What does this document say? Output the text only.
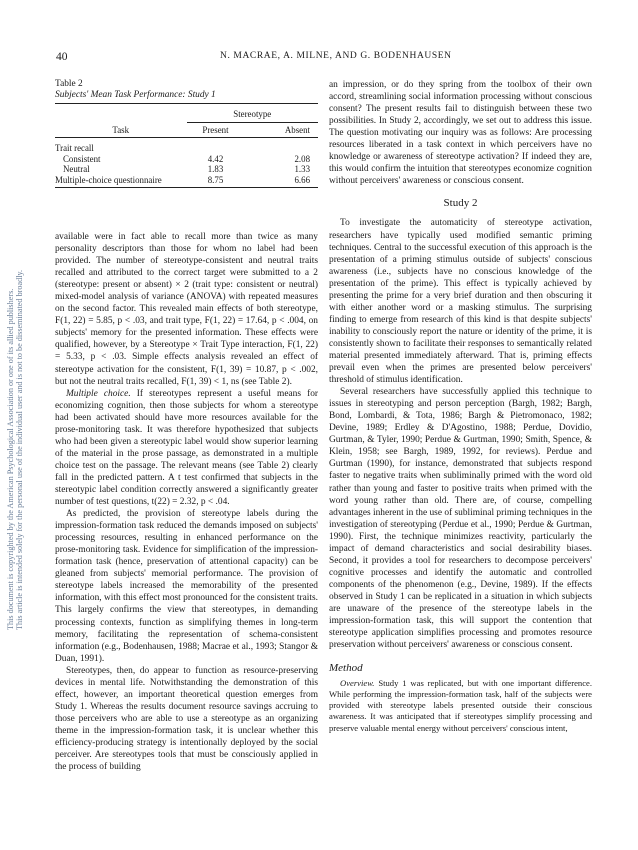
40	N. MACRAE, A. MILNE, AND G. BODENHAUSEN
This document is copyrighted by the American Psychological Association or one of its allied publishers. This article is intended solely for the personal use of the individual user and is not to be disseminated broadly.
Table 2
Subjects' Mean Task Performance: Study 1
	Stereotype	

Task	Present	Absent
Trait recall		
Consistent	4.42	2.08
Neutral	1.83	1.33
Multiple-choice questionnaire	8.75	6.66

available were in fact able to recall more than twice as many personality descriptors than those for whom no label had been provided. The number of stereotype-consistent and neutral traits recalled and attributed to the correct target were submitted to a 2 (stereotype: present or absent) × 2 (trait type: consistent or neutral) mixed-model analysis of variance (ANOVA) with repeated measures on the second factor. This revealed main effects of both stereotype, F(1, 22) = 5.85, p < .03, and trait type, F(1, 22) = 17.64, p < .004, on subjects' memory for the presented information. These effects were qualified, however, by a Stereotype × Trait Type interaction, F(1, 22) = 5.33, p < .03. Simple effects analysis revealed an effect of stereotype activation for the consistent, F(1, 39) = 10.87, p < .002, but not the neutral traits recalled, F(1, 39) < 1, ns (see Table 2).

Multiple choice. If stereotypes represent a useful means for economizing cognition, then those subjects for whom a stereotype had been activated should have more resources available for the prose-monitoring task. It was therefore hypothesized that subjects who had been given a stereotypic label would show superior learning of the material in the prose passage, as demonstrated in a multiple choice test on the passage. The relevant means (see Table 2) clearly fall in the predicted pattern. A t test confirmed that subjects in the stereotypic label condition correctly answered a significantly greater number of test questions, t(22) = 2.32, p < .04.

As predicted, the provision of stereotype labels during the impression-formation task reduced the demands imposed on subjects' processing resources, resulting in enhanced performance on the prose-monitoring task. Evidence for simplification of the impression-formation task (hence, preservation of attentional capacity) can be gleaned from subjects' memorial performance. The provision of stereotype labels increased the memorability of the presented information, with this effect most pronounced for the consistent traits. This largely confirms the view that stereotypes, in demanding processing contexts, function as simplifying themes in long-term memory, facilitating the representation of schema-consistent information (e.g., Bodenhausen, 1988; Macrae et al., 1993; Stangor & Duan, 1991).

Stereotypes, then, do appear to function as resource-preserving devices in mental life. Notwithstanding the demonstration of this effect, however, an important theoretical question emerges from Study 1. Whereas the results document resource savings accruing to those perceivers who are able to use a stereotype as an organizing theme in the impression-formation task, it is unclear whether this efficiency-producing strategy is intentionally deployed by the social perceiver. Are stereotypes tools that must be consciously applied in the process of building

an impression, or do they spring from the toolbox of their own accord, streamlining social information processing without conscious consent? The present results fail to distinguish between these two possibilities. In Study 2, accordingly, we set out to address this issue. The question motivating our inquiry was as follows: Are processing resources liberated in a task context in which perceivers have no knowledge or awareness of stereotype activation? If indeed they are, this would confirm the intuition that stereotypes economize cognition without perceivers' awareness or conscious consent.

Study 2

To investigate the automaticity of stereotype activation, researchers have typically used modified semantic priming techniques. Central to the successful execution of this approach is the presentation of a priming stimulus outside of subjects' conscious awareness (i.e., subjects have no conscious knowledge of the presentation of the prime). This effect is typically achieved by presenting the prime for a very brief duration and then obscuring it with either another word or a masking stimulus. The surprising finding to emerge from research of this kind is that despite subjects' inability to consciously report the nature or identity of the prime, it is consistently shown to facilitate their responses to semantically related material presented immediately afterward. That is, priming effects prevail even when the primes are presented below perceivers' threshold of stimulus identification.

Several researchers have successfully applied this technique to issues in stereotyping and person perception (Bargh, 1982; Bargh, Bond, Lombardi, & Tota, 1986; Bargh & Pietromonaco, 1982; Devine, 1989; Erdley & D'Agostino, 1988; Perdue, Dovidio, Gurtman, & Tyler, 1990; Perdue & Gurtman, 1990; Smith, Spence, & Klein, 1958; see Bargh, 1989, 1992, for reviews). Perdue and Gurtman (1990), for instance, demonstrated that subjects respond faster to negative traits when subliminally primed with the word old rather than young and faster to positive traits when primed with the word young rather than old. There are, of course, compelling advantages inherent in the use of subliminal priming techniques in the investigation of stereotyping (Perdue et al., 1990; Perdue & Gurtman, 1990). First, the technique minimizes reactivity, particularly the impact of demand characteristics and social desirability biases. Second, it provides a tool for researchers to decompose perceivers' cognitive processes and identify the automatic and controlled components of the phenomenon (e.g., Devine, 1989). If the effects observed in Study 1 can be replicated in a situation in which subjects are unaware of the presence of the stereotype labels in the impression-formation task, this will support the contention that stereotype application simplifies processing and promotes resource preservation without perceivers' awareness or conscious consent.

Method

Overview. Study 1 was replicated, but with one important difference. While performing the impression-formation task, half of the subjects were provided with stereotype labels presented outside their conscious awareness. It was anticipated that if stereotypes simplify processing and preserve valuable mental energy without perceivers' conscious intent,
